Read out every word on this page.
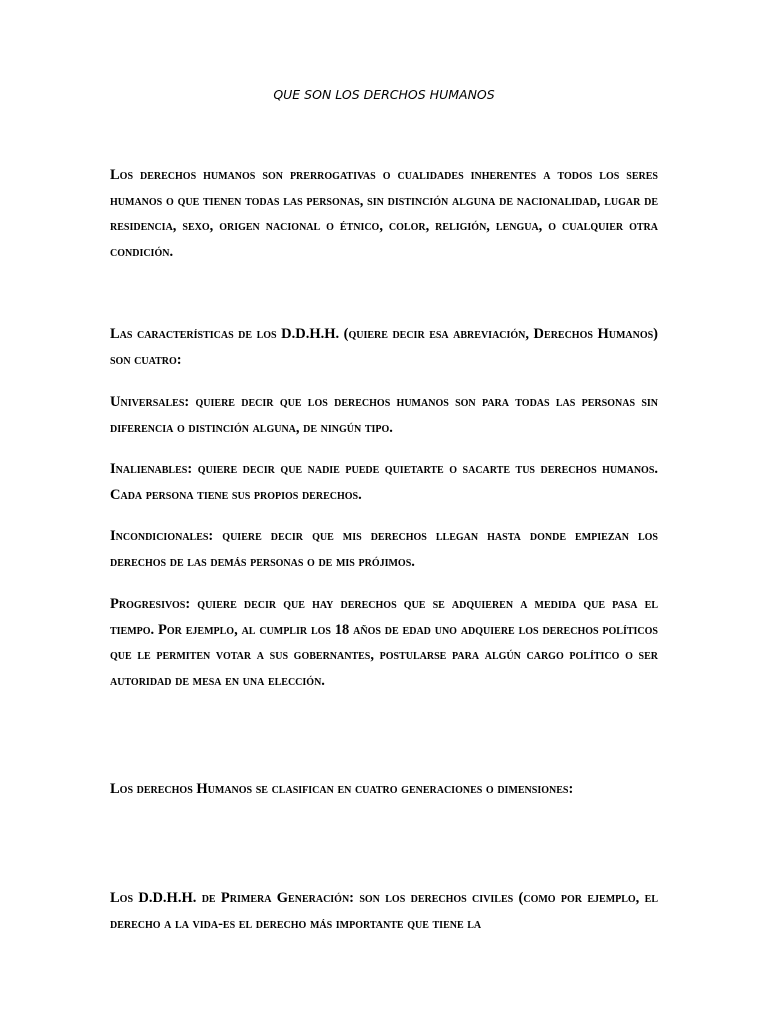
QUE SON LOS DERCHOS HUMANOS

Los derechos humanos son prerrogativas o cualidades inherentes a todos los seres humanos o que tienen todas las personas, sin distinción alguna de nacionalidad, lugar de residencia, sexo, origen nacional o étnico, color, religión, lengua, o cualquier otra condición.

Las características de los D.D.H.H. (quiere decir esa abreviación, Derechos Humanos) son cuatro:

Universales: quiere decir que los derechos humanos son para todas las personas sin diferencia o distinción alguna, de ningún tipo.

Inalienables: quiere decir que nadie puede quietarte o sacarte tus derechos humanos. Cada persona tiene sus propios derechos.

Incondicionales: quiere decir que mis derechos llegan hasta donde empiezan los derechos de las demás personas o de mis prójimos.

Progresivos: quiere decir que hay derechos que se adquieren a medida que pasa el tiempo. Por ejemplo, al cumplir los 18 años de edad uno adquiere los derechos políticos que le permiten votar a sus gobernantes, postularse para algún cargo político o ser autoridad de mesa en una elección.

Los derechos Humanos se clasifican en cuatro generaciones o dimensiones:

Los D.D.H.H. de Primera Generación: son los derechos civiles (como por ejemplo, el derecho a la vida-es el derecho más importante que tiene la
